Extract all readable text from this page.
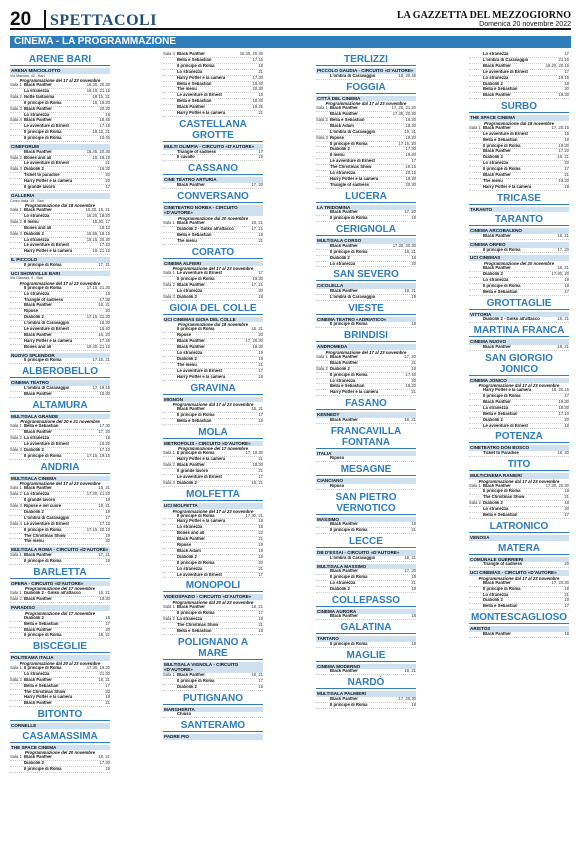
20 SPETTACOLI	LA GAZZETTA DEL MEZZOGIORNO
Domenica 20 novembre 2022
CINEMA - LA PROGRAMMAZIONE
ARENE BARI
ARENA MINCIOLOTTO
Via Marconi, 42 - Bari
Programmazione del 17 al 23 novembre
Sala 1 Black Panther	16.30, 20.30
La stranezza	18.15, 21.15
Sala 2 Notte fantasma	18.15, 21
Il principe di Roma	16, 18.20
Sala 3 Black Panther	20.30
Lo stranezza	16
Sala 4 Black Panther	18.45
Le avventure di Ernest	17.15
Il principe di Roma	18.15, 21
Il principe di Roma	15.45
CINEFORUM
Black Panther	15.45, 20.30
Sala 2 Bones and all	16, 18.15
Le avventure di Ernest	21
Sala 3 Diabolik 2	16.30
Ticket to paradise	20
Harry Potter e la camera	20
Il grande lavoro	17
GALLERIA
Corso Italia, 15 - Bari
Programmazione dal 18 novembre
Sala 1 Black Panther	15.30, 18, 21
Lo stranezza	16.20, 18.20
Sala 2 Il menu	15.30, 17
Bones and all	18.10
Sala 3 Diabolik 2	15.55, 18.15
La stranezza	18.15, 20.30
Le avventure di Ernest	17.40
Harry Potter e la camera	18, 21.15
IL PICCOLO
Il principe di Roma	17, 21
UCI SHOWVILLE BARI
Via Giannini, 9 - Bari
Programmazione del 17 al 23 novembre
Il principe di Roma	17.15, 21.30
Lo stranezza	19
Triangle of sadness	17.30
Black Panther	16, 21
Ripose	20
Diabolik 2	17.15, 21.30
L'ombra di Caravaggio	18.30
Le avventure di Ernest	16.40
Black Panther	16, 20
Harry Potter e la camera	17.45
Bones and all	19.40, 21.15
NUOVO SPLENDOR
Il principe di Roma	17.15, 21
ALBEROBELLO
CINEMA TEATRO
L'ombra di Caravaggio	17, 19.15
Black Panther	18.30
ALTAMURA
MULTISALA GRANDE
Programmazione del 20 e 21 novembre
Sala 1 Bella e Sebastian	17.30
Black Panther	17, 20
Sala 2 La stranezza	18
Le avventure di Ernest	16.20
Sala 3 Diabolik 2	17.10
Il principe di Roma	17.15, 19.15
ANDRIA
MULTISALA CINEMA
Programmazione del 17 al 23 novembre
Sala 1 Black Panther	18, 21
Sala 2 Lo stranezza	17.30, 21.20
Il grande lavoro	19
Sala 3 Ripose e nel cuore	18, 21
Diabolik 2	19
L'ombra di Caravaggio	17
Sala 4 Le avventure di Ernest	17.15
Il principe di Roma	17.15, 20.10
The Christmas Show	19
The menu	20
MULTISALA ROMA - CIRCUITO «D'AUTORE»
Sala 1 Black Panther	17, 21
Il principe di Roma	19
BARLETTA
OPERA - CIRCUITO «D'AUTORE»
Programmazione del 17 novembre
Sala 1 Diabolik 2 - Ginko all'attacco	18, 21
Sala 2 Black Panther	18.30
PARADISO
Programmazione dal 17 novembre
Diabolik 2	18
Bella e Sebastian	17
Black Panther	20
Il principe di Roma	18, 21
BISCEGLIE
POLITEAMA ITALIA
Programmazione dal 20 al 23 novembre
Sala 1 Il principe di Roma	17.30, 19.30
Lo stranezza	21.30
Sala 2 Black Panther	18, 21
Bella e Sebastian	17
The Christmas Show	20
Harry Potter e la camera	18
Black Panther	21
BITONTO
CORNELLE
CASAMASSIMA
THE SPACE CINEMA
Programmazione del 20 novembre
Sala 1 Black Panther	18, 21
Diabolik 2	17.30
Il principe di Roma	19
Sala 4 Black Panther	16.30, 20.30
Bella e Sebastian	17.15
Il principe di Roma	18
Lo stranezza	21
Harry Potter e la camera	17.30
Bella e Sebastian	19.40
The menu	20.30
Le avventure di Ernest	16
Bella e Sebastian	18.40
Black Panther	19.45
Harry Potter e la camera	21
CASTELLANA GROTTE
MULTI OLIMPIA - CIRCUITO «D'AUTORE»
Triangle of sadness	17
Il cavallo	19
CASSANO
CINE TEATRO ARTURIA
Black Panther	17, 20
CONVERSANO
CINETEATRO NORBA - CIRCUITO «D'AUTORE»
Programmazione dal 20 novembre
Sala 1 Black Panther	18, 21
Diabolik 2 - Ginko all'attacco	17, 21
Bella e Sebastian	18
The menu	21
CORATO
CINEMA ALFIERI
Programmazione del 17 al 23 novembre
Sala 1 Le avventure di Ernest	17
Il principe di Roma	19.30
Sala 2 Black Panther	17, 21
Lo stranezza	20
Sala 3 Diabolik 2	18
GIOIA DEL COLLE
UCI CINEMAS GIOIA DEL COLLE
Programmazione dal 18 novembre
Il principe di Roma	18, 21
Ripose	20
Black Panther	17, 20.30
Black Panther	18.30
Lo stranezza	19
Diabolik 2	18
The menu	21
Le avventure di Ernest	17
Harry Potter e la camera	18
GRAVINA
MIGNON
Programmazione dal 17 al 23 novembre
Black Panther	18, 21
Il principe di Roma	17
Bella e Sebastian	18
MOLA
METROPOLIS - CIRCUITO «D'AUTORE»
Programmazione del 17 novembre
Sala 1 Il principe di Roma	17, 19.30
Harry Potter e la camera	21
Sala 2 Black Panther	18.30
Il grande lavoro	21
Le avventure di Ernest	17
Sala 3 Diabolik 2	18, 21
MOLFETTA
UCI MOLFETTA
Programmazione del 17 al 23 novembre
Il principe di Roma	17.30, 21
Harry Potter e la camera	18
Lo stranezza	18
Bones and all	22
Black Panther	21
Ripose	16
Black Adam	19
Diabolik 2	18
Il principe di Roma	20
Lo stranezza	21
Le avventure di Ernest	17
MONOPOLI
VIDEOSPAZIO - CIRCUITO «D'AUTORE»
Programmazione dal 20 al 23 novembre
Sala 1 Black Panther	18, 21
Il principe di Roma	17
Sala 2 La stranezza	19
The Christmas Show	21
Bella e Sebastian	18
POLIGNANO A MARE
MULTISALA VIGNOLA - CIRCUITO «D'AUTORE»
Sala 1 Black Panther	18, 21
Il principe di Roma	17
Diabolik 2	19
PUTIGNANO
MARGHERITA
Chiuso
SANTERAMO
PADRE PIO
TERLIZZI
PICCOLO GAUDIA - CIRCUITO «D'AUTORE»
L'ombra di Caravaggio	18, 20.45
FOGGIA
CITTÀ DEL CINEMA
Programmazione dal 17 al 23 novembre
Sala 1 Black Panther	17, 20, 21.20
Black Panther	17.30, 20.30
Sala 2 Bella e Sebastian	16.30
Black Adam	18.30
L'ombra di Caravaggio	19, 21
Sala 3 Ripose	19.20
Il principe di Roma	17.15, 20
Diabolik 2	17.30
Il menu	19.40
Le avventure di Ernest	17
The Christmas Show	18.15
Lo stranezza	20.15
Harry Potter e la camera	18.30
Triangle of sadness	20.30
LUCERA
LA TRIDOMINA
Black Panther	17, 20
Il principe di Roma	18
CERIGNOLA
MULTISALA CORSO
Black Panther	17.30, 20.30
Il principe di Roma	18, 21
Diabolik 2	18
Lo stranezza	20
SAN SEVERO
CICOLELLA
Black Panther	18, 21
L'ombra di Caravaggio	19
VIESTE
CINEMA TEATRO «ADRIATICO»
Il principe di Roma	18
BRINDISI
ANDROMEDA
Programmazione del 17 al 23 novembre
Sala 1 Black Panther	17, 20
Black Panther	21
Sala 2 Diabolik 2	18
Il principe di Roma	17.40
Lo stranezza	20
Bella e Sebastian	18.20
Harry Potter e la camera	21
FASANO
KENNEDY
Black Panther	18, 21
FRANCAVILLA FONTANA
ITALIA
Riposo
MESAGNE
CIANCIANO
Riposo
SAN PIETRO VERNOTICO
MASSIMO
Black Panther	18
Il principe di Roma	21
LECCE
DB D'ESSAI - CIRCUITO «D'AUTORE»
L'ombra di Caravaggio	18, 21
MULTISALA MASSIMO
Black Panther	17, 20
Il principe di Roma	18
Lo stranezza	21
Diabolik 2	19
COLLEPASSO
CINEMA AURORA
Black Panther	18
GALATINA
TARTARO
Il principe di Roma	18
MAGLIE
CINEMA MODERNO
Black Panther	18, 21
NARDÒ
MULTISALA PALMIERI
Black Panther	17, 20.30
Il principe di Roma	18
Lo stranezza	17
L'ombra di Caravaggio	21.15
Black Panther	16.20, 20.15
Le avventure di Ernest	17
Lo stranezza	19.15
Diabolik 2	18
Bella e Sebastian	20
Black Panther	18.30
SURBO
THE SPACE CINEMA
Programmazione dal 18 novembre
Sala 1 Black Panther	17, 20.15
Le avventure di Ernest	16
Bella e Sebastian	18
Il principe di Roma	19.30
Black Panther	17.20
Diabolik 2	18, 21
Lo stranezza	20
Il principe di Roma	17
Black Panther	21
The menu	19.20
Harry Potter e la camera	18
TRICASE
TARANTO
TARANTO
CINEMA ARCOBALENO
Black Panther	18, 21
CINEMA ORFEO
Il principe di Roma	17, 20
UCI CINEMAS
Programmazione del 20 novembre
Black Panther	18, 21
Diabolik 2	17.30, 20
Lo stranezza	19
Il principe di Roma	18
Bella e Sebastian	17
GROTTAGLIE
VITTORIA
Diabolik 2 - Ginko all'attacco	18, 21
MARTINA FRANCA
CINEMA NUOVO
Black Panther	18, 21
SAN GIORGIO JONICO
CINEMA JONICO
Programmazione dal 17 al 23 novembre
Harry Potter e la camera	18, 20.15
Il principe di Roma	17
Black Panther	19.30
La stranezza	18.30
Bella e Sebastian	17.10
Diabolik 2	20
Le avventure di Ernest	18
POTENZA
CINETEATRO DON BOSCO
Ticket to Paradise	18, 20
TITO
MULTICINEMA RANIERI
Programmazione dal 17 al 23 novembre
Sala 1 Black Panther	17.30, 20.30
Il principe di Roma	18
The Christmas Show	21
Sala 2 Diabolik 2	18
Lo stranezza	20
Bella e Sebastian	17
LATRONICO
VENOSA
MATERA
COMUNALE GUERRIERI
Triangle of sadness	20
UCI CINEMAS - CIRCUITO «D'AUTORE»
Programmazione dal 17 al 23 novembre
Black Panther	17, 20.30
Il principe di Roma	18
Lo stranezza	21
Diabolik 2	19
Bella e Sebastian	17
MONTESCAGLIOSO
ARISTOS
Black Panther	18
